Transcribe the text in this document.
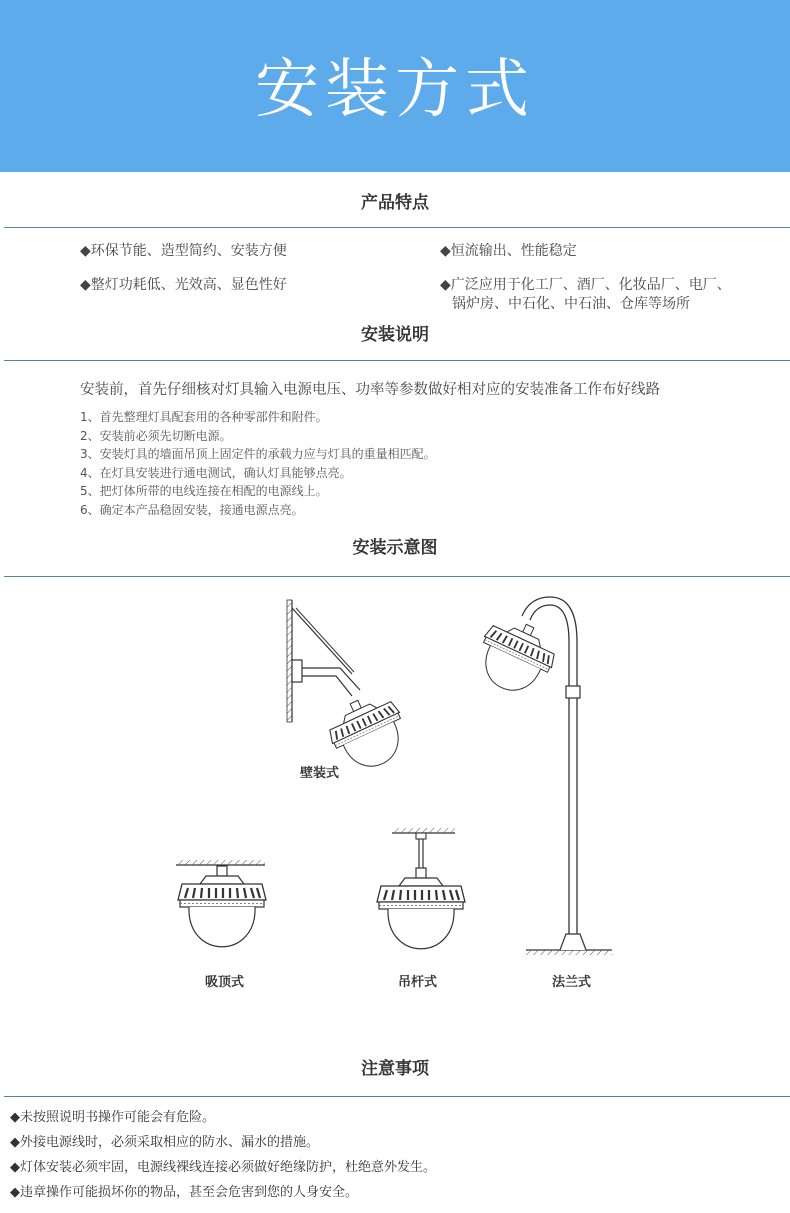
安装方式
产品特点
◆环保节能、造型简约、安装方便	◆恒流输出、性能稳定
◆整灯功耗低、光效高、显色性好	◆广泛应用于化工厂、酒厂、化妆品厂、电厂、
锅炉房、中石化、中石油、仓库等场所
安装说明
安装前，首先仔细核对灯具输入电源电压、功率等参数做好相对应的安装准备工作布好线路
1、首先整理灯具配套用的各种零部件和附件。
2、安装前必须先切断电源。
3、安装灯具的墙面吊顶上固定件的承载力应与灯具的重量相匹配。
4、在灯具安装进行通电测试，确认灯具能够点亮。
5、把灯体所带的电线连接在相配的电源线上。
6、确定本产品稳固安装，接通电源点亮。
安装示意图
壁装式
吸顶式	吊杆式	法兰式
注意事项
◆未按照说明书操作可能会有危险。
◆外接电源线时，必须采取相应的防水、漏水的措施。
◆灯体安装必须牢固，电源线裸线连接必须做好绝缘防护，杜绝意外发生。
◆违章操作可能损坏你的物品，甚至会危害到您的人身安全。
